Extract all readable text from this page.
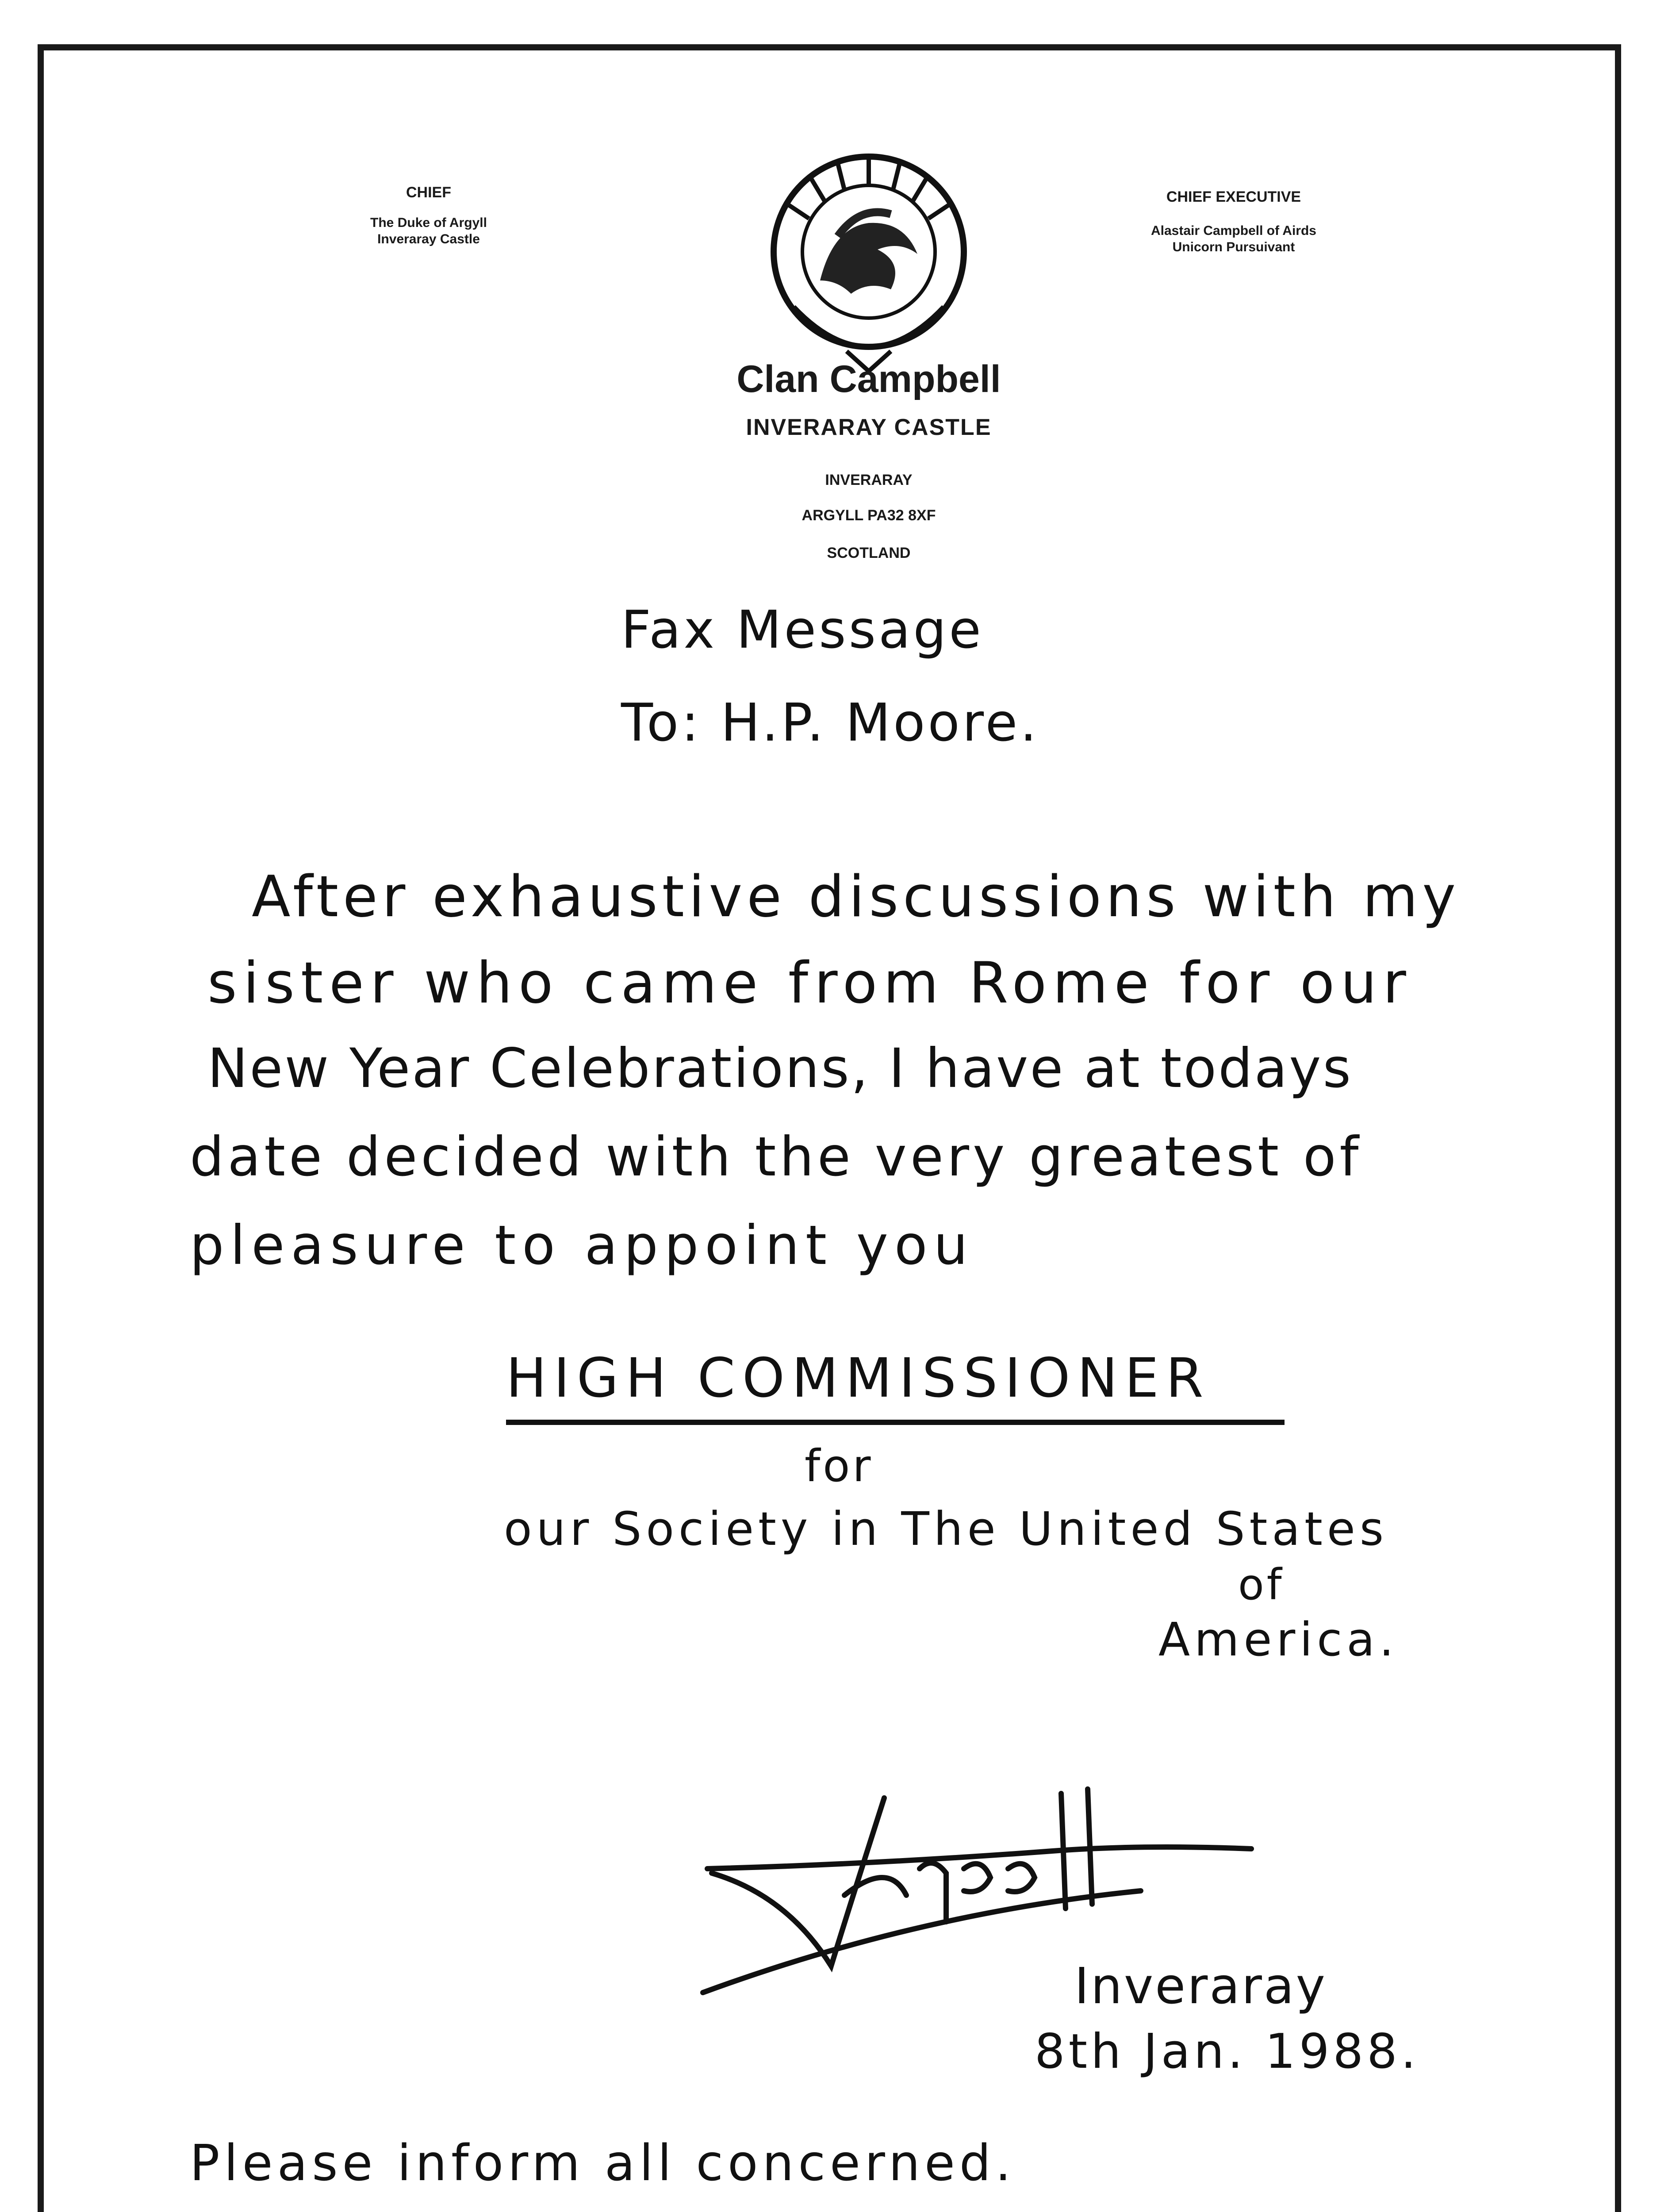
CHIEF
The Duke of Argyll
Inveraray Castle
CHIEF EXECUTIVE
Alastair Campbell of Airds
Unicorn Pursuivant
Clan Campbell
INVERARAY CASTLE
INVERARAY
ARGYLL PA32 8XF
SCOTLAND
Fax Message
To: H.P. Moore.
After exhaustive discussions with my
sister who came from Rome for our
New Year Celebrations, I have at todays
date decided with the very greatest of
pleasure to appoint you
HIGH COMMISSIONER
for
our Society in The United States
of
America.
Inveraray
8th Jan. 1988.
Please inform all concerned.
